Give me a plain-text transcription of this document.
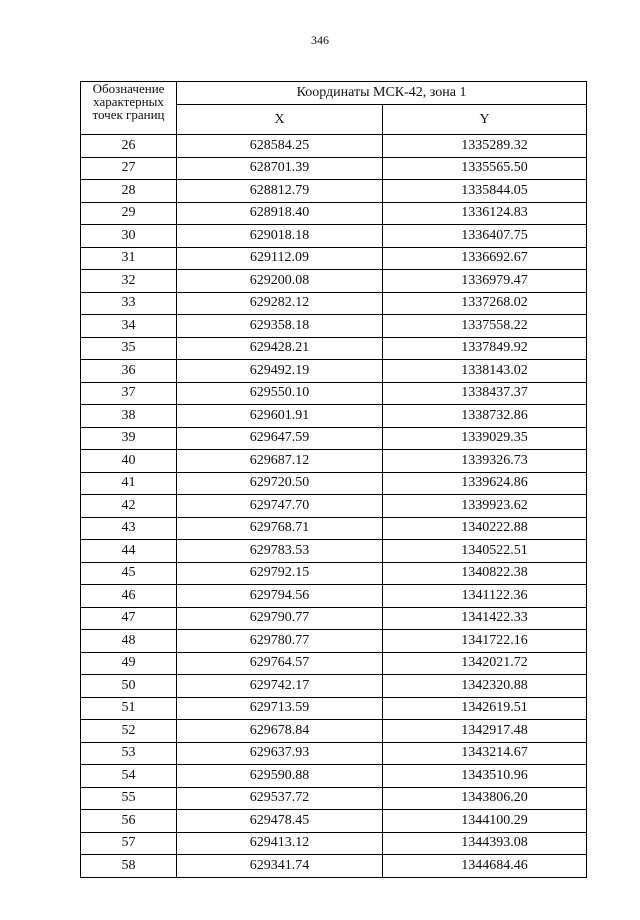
346
Обозначение
характерных
точек границ	Координаты МСК-42, зона 1	
	X	Y
26	628584.25	1335289.32
27	628701.39	1335565.50
28	628812.79	1335844.05
29	628918.40	1336124.83
30	629018.18	1336407.75
31	629112.09	1336692.67
32	629200.08	1336979.47
33	629282.12	1337268.02
34	629358.18	1337558.22
35	629428.21	1337849.92
36	629492.19	1338143.02
37	629550.10	1338437.37
38	629601.91	1338732.86
39	629647.59	1339029.35
40	629687.12	1339326.73
41	629720.50	1339624.86
42	629747.70	1339923.62
43	629768.71	1340222.88
44	629783.53	1340522.51
45	629792.15	1340822.38
46	629794.56	1341122.36
47	629790.77	1341422.33
48	629780.77	1341722.16
49	629764.57	1342021.72
50	629742.17	1342320.88
51	629713.59	1342619.51
52	629678.84	1342917.48
53	629637.93	1343214.67
54	629590.88	1343510.96
55	629537.72	1343806.20
56	629478.45	1344100.29
57	629413.12	1344393.08
58	629341.74	1344684.46
